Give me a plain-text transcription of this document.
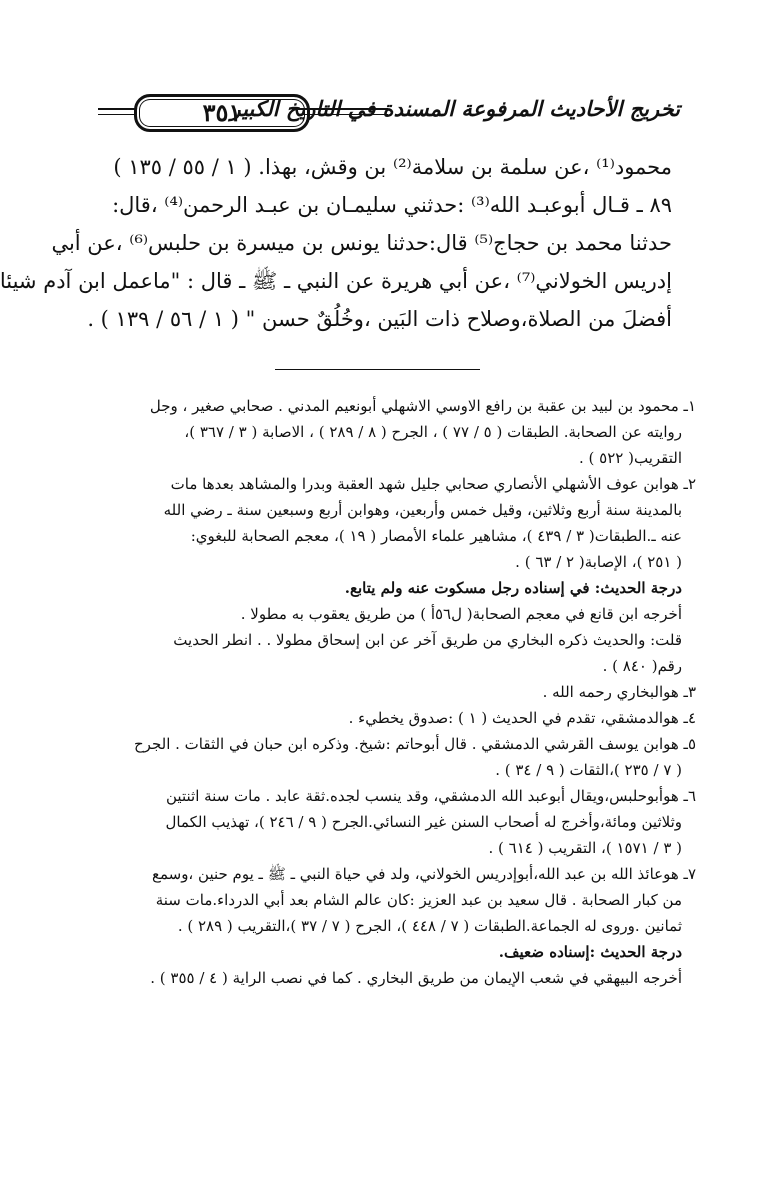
تخريج الأحاديث المرفوعة المسندة في التاريخ الكبير
٣٥١

محمود⁽¹⁾ ،عن سلمة بن سلامة⁽²⁾ بن وقش، بهذا. ( ١ / ٥٥ / ١٣٥ )

٨٩ ـ قـال أبوعبـد الله⁽³⁾ :حدثني سليمـان بن عبـد الرحمن⁽⁴⁾ ،قال:

حدثنا محمد بن حجاج⁽⁵⁾ قال:حدثنا يونس بن ميسرة بن حلبس⁽⁶⁾ ،عن أبي

إدريس الخولاني⁽⁷⁾ ،عن أبي هريرة عن النبي ـ ﷺ ـ قال : "ماعمل ابن آدم شيئا

أفضلَ من الصلاة،وصلاح ذات البَين ،وخُلُقٌ حسن " ( ١ / ٥٦ / ١٣٩ ) .

١ـ محمود بن لبيد بن عقبة بن رافع الاوسي الاشهلي أبونعيم المدني . صحابي صغير ، وجل

روايته عن الصحابة. الطبقات ( ٥ / ٧٧ ) ، الجرح ( ٨ / ٢٨٩ ) ، الاصابة ( ٣ / ٣٦٧ )،

التقريب( ٥٢٢ ) .

٢ـ هوابن عوف الأشهلي الأنصاري صحابي جليل شهد العقبة وبدرا والمشاهد بعدها مات

بالمدينة سنة أربع وثلاثين، وقيل خمس وأربعين، وهوابن أربع وسبعين سنة ـ رضي الله

عنه ـ.الطبقات( ٣ / ٤٣٩ )، مشاهير علماء الأمصار ( ١٩ )، معجم الصحابة للبغوي:

( ٢٥١ )، الإصابة( ٢ / ٦٣ ) .

درجة الحديث: في إسناده رجل مسكوت عنه ولم يتابع.

أخرجه ابن قانع في معجم الصحابة( ل٥٦أ ) من طريق يعقوب به مطولا .

قلت: والحديث ذكره البخاري من طريق آخر عن ابن إسحاق مطولا . . انطر الحديث

رقم( ٨٤٠ ) .

٣ـ هوالبخاري رحمه الله .

٤ـ هوالدمشقي، تقدم في الحديث ( ١ ) :صدوق يخطيء .

٥ـ هوابن يوسف القرشي الدمشقي . قال أبوحاتم :شيخ. وذكره ابن حبان في الثقات . الجرح

( ٧ / ٢٣٥ )،الثقات ( ٩ / ٣٤ ) .

٦ـ هوأبوحلبس،ويقال أبوعبد الله الدمشقي، وقد ينسب لجده.ثقة عابد . مات سنة اثنتين

وثلاثين ومائة،وأخرج له أصحاب السنن غير النسائي.الجرح ( ٩ / ٢٤٦ )، تهذيب الكمال

( ٣ / ١٥٧١ )، التقريب ( ٦١٤ ) .

٧ـ هوعائذ الله بن عبد الله،أبوإدريس الخولاني، ولد في حياة النبي ـ ﷺ ـ يوم حنين ،وسمع

من كبار الصحابة . قال سعيد بن عبد العزيز :كان عالم الشام بعد أبي الدرداء.مات سنة

ثمانين .وروى له الجماعة.الطبقات ( ٧ / ٤٤٨ )، الجرح ( ٧ / ٣٧ )،التقريب ( ٢٨٩ ) .

درجة الحديث :إسناده ضعيف.

أخرجه البيهقي في شعب الإيمان من طريق البخاري . كما في نصب الراية ( ٤ / ٣٥٥ ) .
